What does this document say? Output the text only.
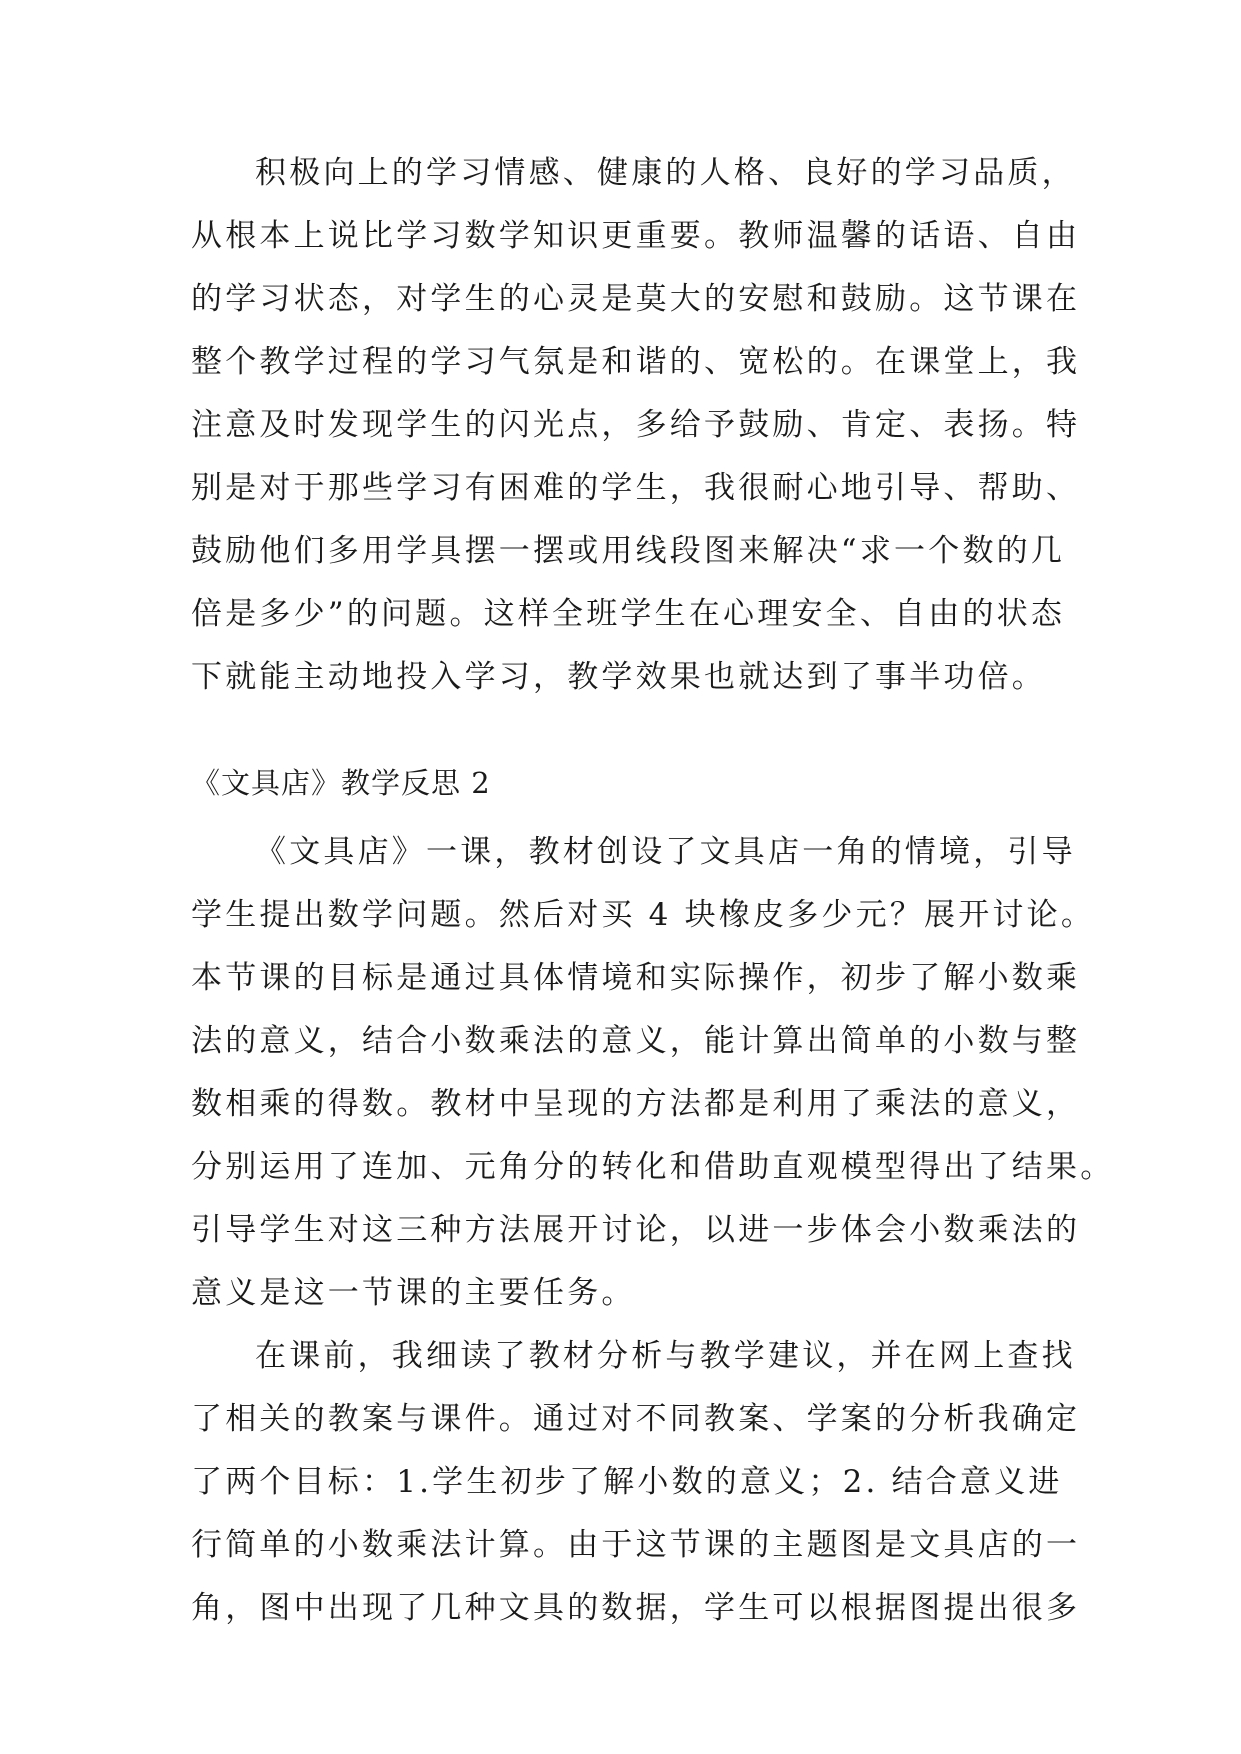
积极向上的学习情感、健康的人格、良好的学习品质，
从根本上说比学习数学知识更重要。教师温馨的话语、自由
的学习状态，对学生的心灵是莫大的安慰和鼓励。这节课在
整个教学过程的学习气氛是和谐的、宽松的。在课堂上，我
注意及时发现学生的闪光点，多给予鼓励、肯定、表扬。特
别是对于那些学习有困难的学生，我很耐心地引导、帮助、
鼓励他们多用学具摆一摆或用线段图来解决“求一个数的几
倍是多少”的问题。这样全班学生在心理安全、自由的状态
下就能主动地投入学习，教学效果也就达到了事半功倍。
《文具店》教学反思 2
《文具店》一课，教材创设了文具店一角的情境，引导
学生提出数学问题。然后对买 4 块橡皮多少元？展开讨论。
本节课的目标是通过具体情境和实际操作，初步了解小数乘
法的意义，结合小数乘法的意义，能计算出简单的小数与整
数相乘的得数。教材中呈现的方法都是利用了乘法的意义，
分别运用了连加、元角分的转化和借助直观模型得出了结果。
引导学生对这三种方法展开讨论，以进一步体会小数乘法的
意义是这一节课的主要任务。
在课前，我细读了教材分析与教学建议，并在网上查找
了相关的教案与课件。通过对不同教案、学案的分析我确定
了两个目标：1.学生初步了解小数的意义；2. 结合意义进
行简单的小数乘法计算。由于这节课的主题图是文具店的一
角，图中出现了几种文具的数据，学生可以根据图提出很多
